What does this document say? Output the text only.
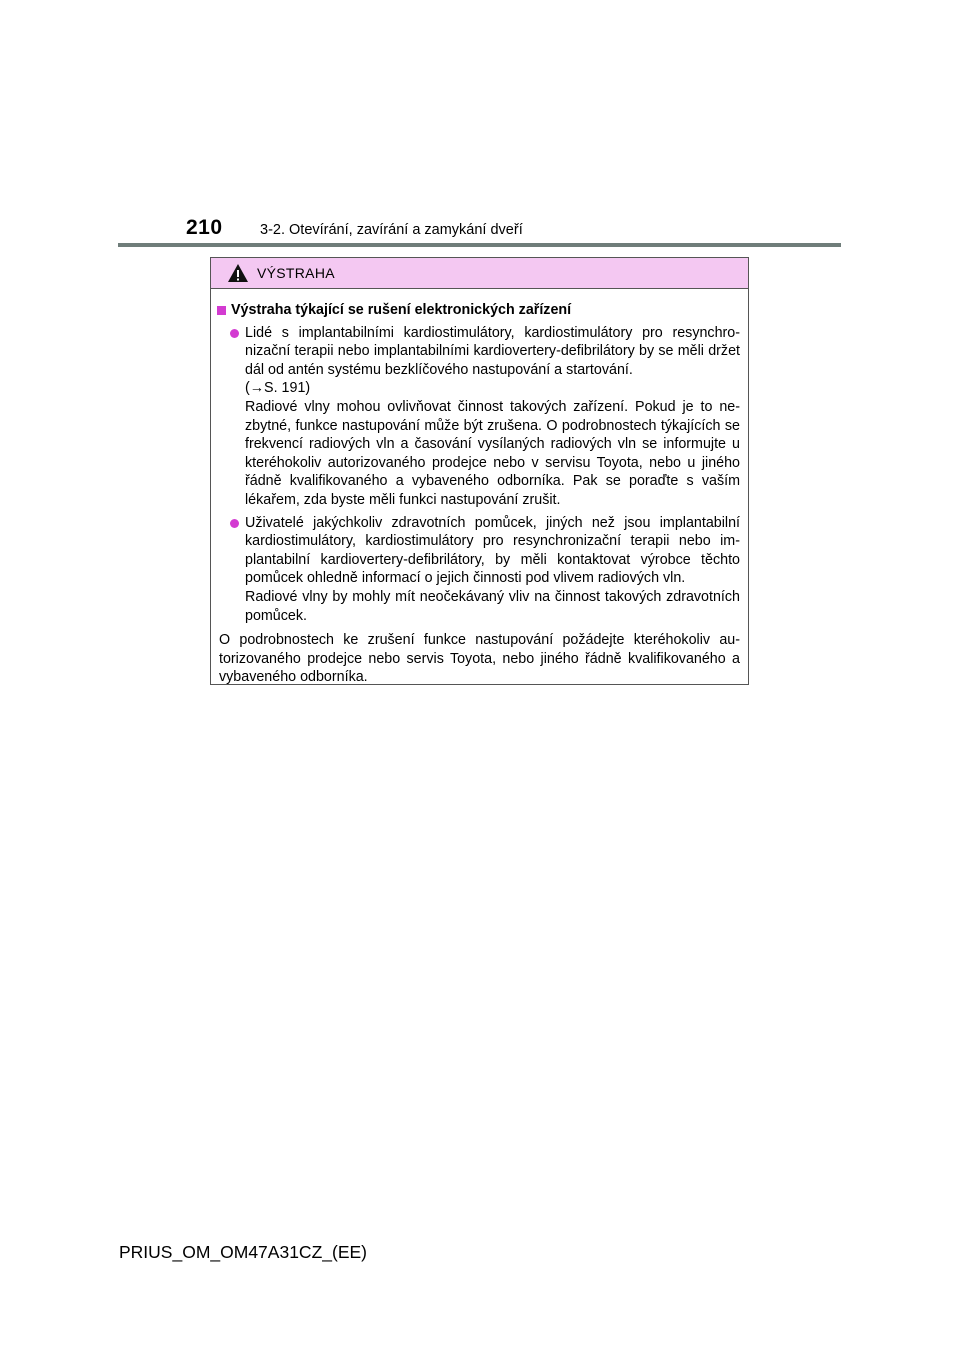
210	3-2. Otevírání, zavírání a zamykání dveří
VÝSTRAHA
Výstraha týkající se rušení elektronických zařízení

Lidé s implantabilními kardiostimulátory, kardiostimulátory pro resynchronizační terapii nebo implantabilními kardiovertery-defibrilátory by se měli držet dál od antén systému bezklíčového nastupování a startování.

(→S. 191)

Radiové vlny mohou ovlivňovat činnost takových zařízení. Pokud je to nezbytné, funkce nastupování může být zrušena. O podrobnostech týkajících se frekvencí radiových vln a časování vysílaných radiových vln se informujte u kteréhokoliv autorizovaného prodejce nebo v servisu Toyota, nebo u jiného řádně kvalifikovaného a vybaveného odborníka. Pak se poraďte s vaším lékařem, zda byste měli funkci nastupování zrušit.

Uživatelé jakýchkoliv zdravotních pomůcek, jiných než jsou implantabilní kardiostimulátory, kardiostimulátory pro resynchronizační terapii nebo implantabilní kardiovertery-defibrilátory, by měli kontaktovat výrobce těchto pomůcek ohledně informací o jejich činnosti pod vlivem radiových vln.

Radiové vlny by mohly mít neočekávaný vliv na činnost takových zdravotních pomůcek.

O podrobnostech ke zrušení funkce nastupování požádejte kteréhokoliv autorizovaného prodejce nebo servis Toyota, nebo jiného řádně kvalifikovaného a vybaveného odborníka.

PRIUS_OM_OM47A31CZ_(EE)
